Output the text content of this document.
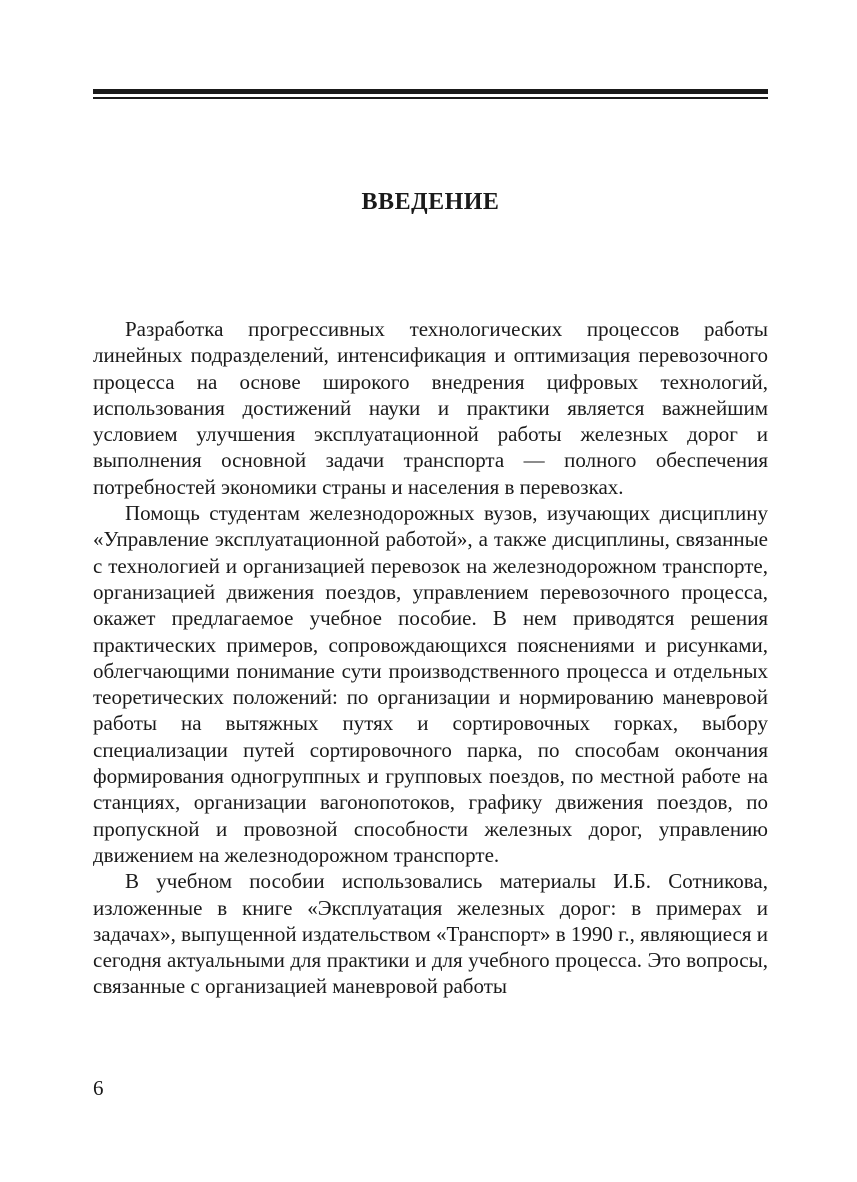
ВВЕДЕНИЕ

Разработка прогрессивных технологических процессов работы линейных подразделений, интенсификация и оптимизация перевозочного процесса на основе широкого внедрения цифровых технологий, использования достижений науки и практики является важнейшим условием улучшения эксплуатационной работы железных дорог и выполнения основной задачи транспорта — полного обеспечения потребностей экономики страны и населения в перевозках.

Помощь студентам железнодорожных вузов, изучающих дисциплину «Управление эксплуатационной работой», а также дисциплины, связанные с технологией и организацией перевозок на железнодорожном транспорте, организацией движения поездов, управлением перевозочного процесса, окажет предлагаемое учебное пособие. В нем приводятся решения практических примеров, сопровождающихся пояснениями и рисунками, облегчающими понимание сути производственного процесса и отдельных теоретических положений: по организации и нормированию маневровой работы на вытяжных путях и сортировочных горках, выбору специализации путей сортировочного парка, по способам окончания формирования одногруппных и групповых поездов, по местной работе на станциях, организации вагонопотоков, графику движения поездов, по пропускной и провозной способности железных дорог, управлению движением на железнодорожном транспорте.

В учебном пособии использовались материалы И.Б. Сотникова, изложенные в книге «Эксплуатация железных дорог: в примерах и задачах», выпущенной издательством «Транспорт» в 1990 г., являющиеся и сегодня актуальными для практики и для учебного процесса. Это вопросы, связанные с организацией маневровой работы

6
